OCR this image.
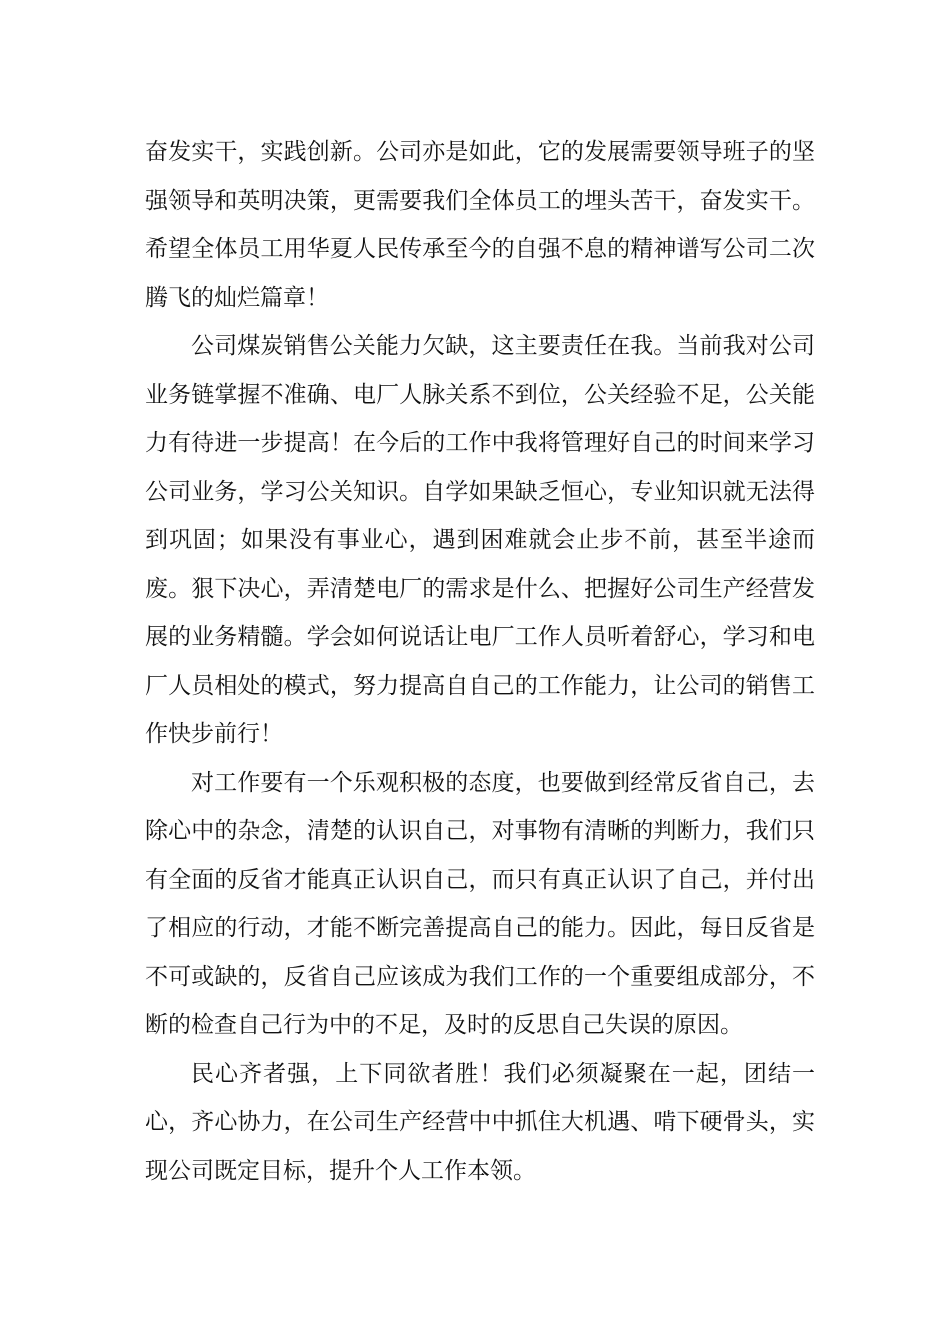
奋发实干，实践创新。公司亦是如此，它的发展需要领导班子的坚强领导和英明决策，更需要我们全体员工的埋头苦干，奋发实干。希望全体员工用华夏人民传承至今的自强不息的精神谱写公司二次腾飞的灿烂篇章！

公司煤炭销售公关能力欠缺，这主要责任在我。当前我对公司业务链掌握不准确、电厂人脉关系不到位，公关经验不足，公关能力有待进一步提高！在今后的工作中我将管理好自己的时间来学习公司业务，学习公关知识。自学如果缺乏恒心，专业知识就无法得到巩固；如果没有事业心，遇到困难就会止步不前，甚至半途而废。狠下决心，弄清楚电厂的需求是什么、把握好公司生产经营发展的业务精髓。学会如何说话让电厂工作人员听着舒心，学习和电厂人员相处的模式，努力提高自自己的工作能力，让公司的销售工作快步前行！

对工作要有一个乐观积极的态度，也要做到经常反省自己，去除心中的杂念，清楚的认识自己，对事物有清晰的判断力，我们只有全面的反省才能真正认识自己，而只有真正认识了自己，并付出了相应的行动，才能不断完善提高自己的能力。因此，每日反省是不可或缺的，反省自己应该成为我们工作的一个重要组成部分，不断的检查自己行为中的不足，及时的反思自己失误的原因。

民心齐者强，上下同欲者胜！我们必须凝聚在一起，团结一心，齐心协力，在公司生产经营中中抓住大机遇、啃下硬骨头，实现公司既定目标，提升个人工作本领。
